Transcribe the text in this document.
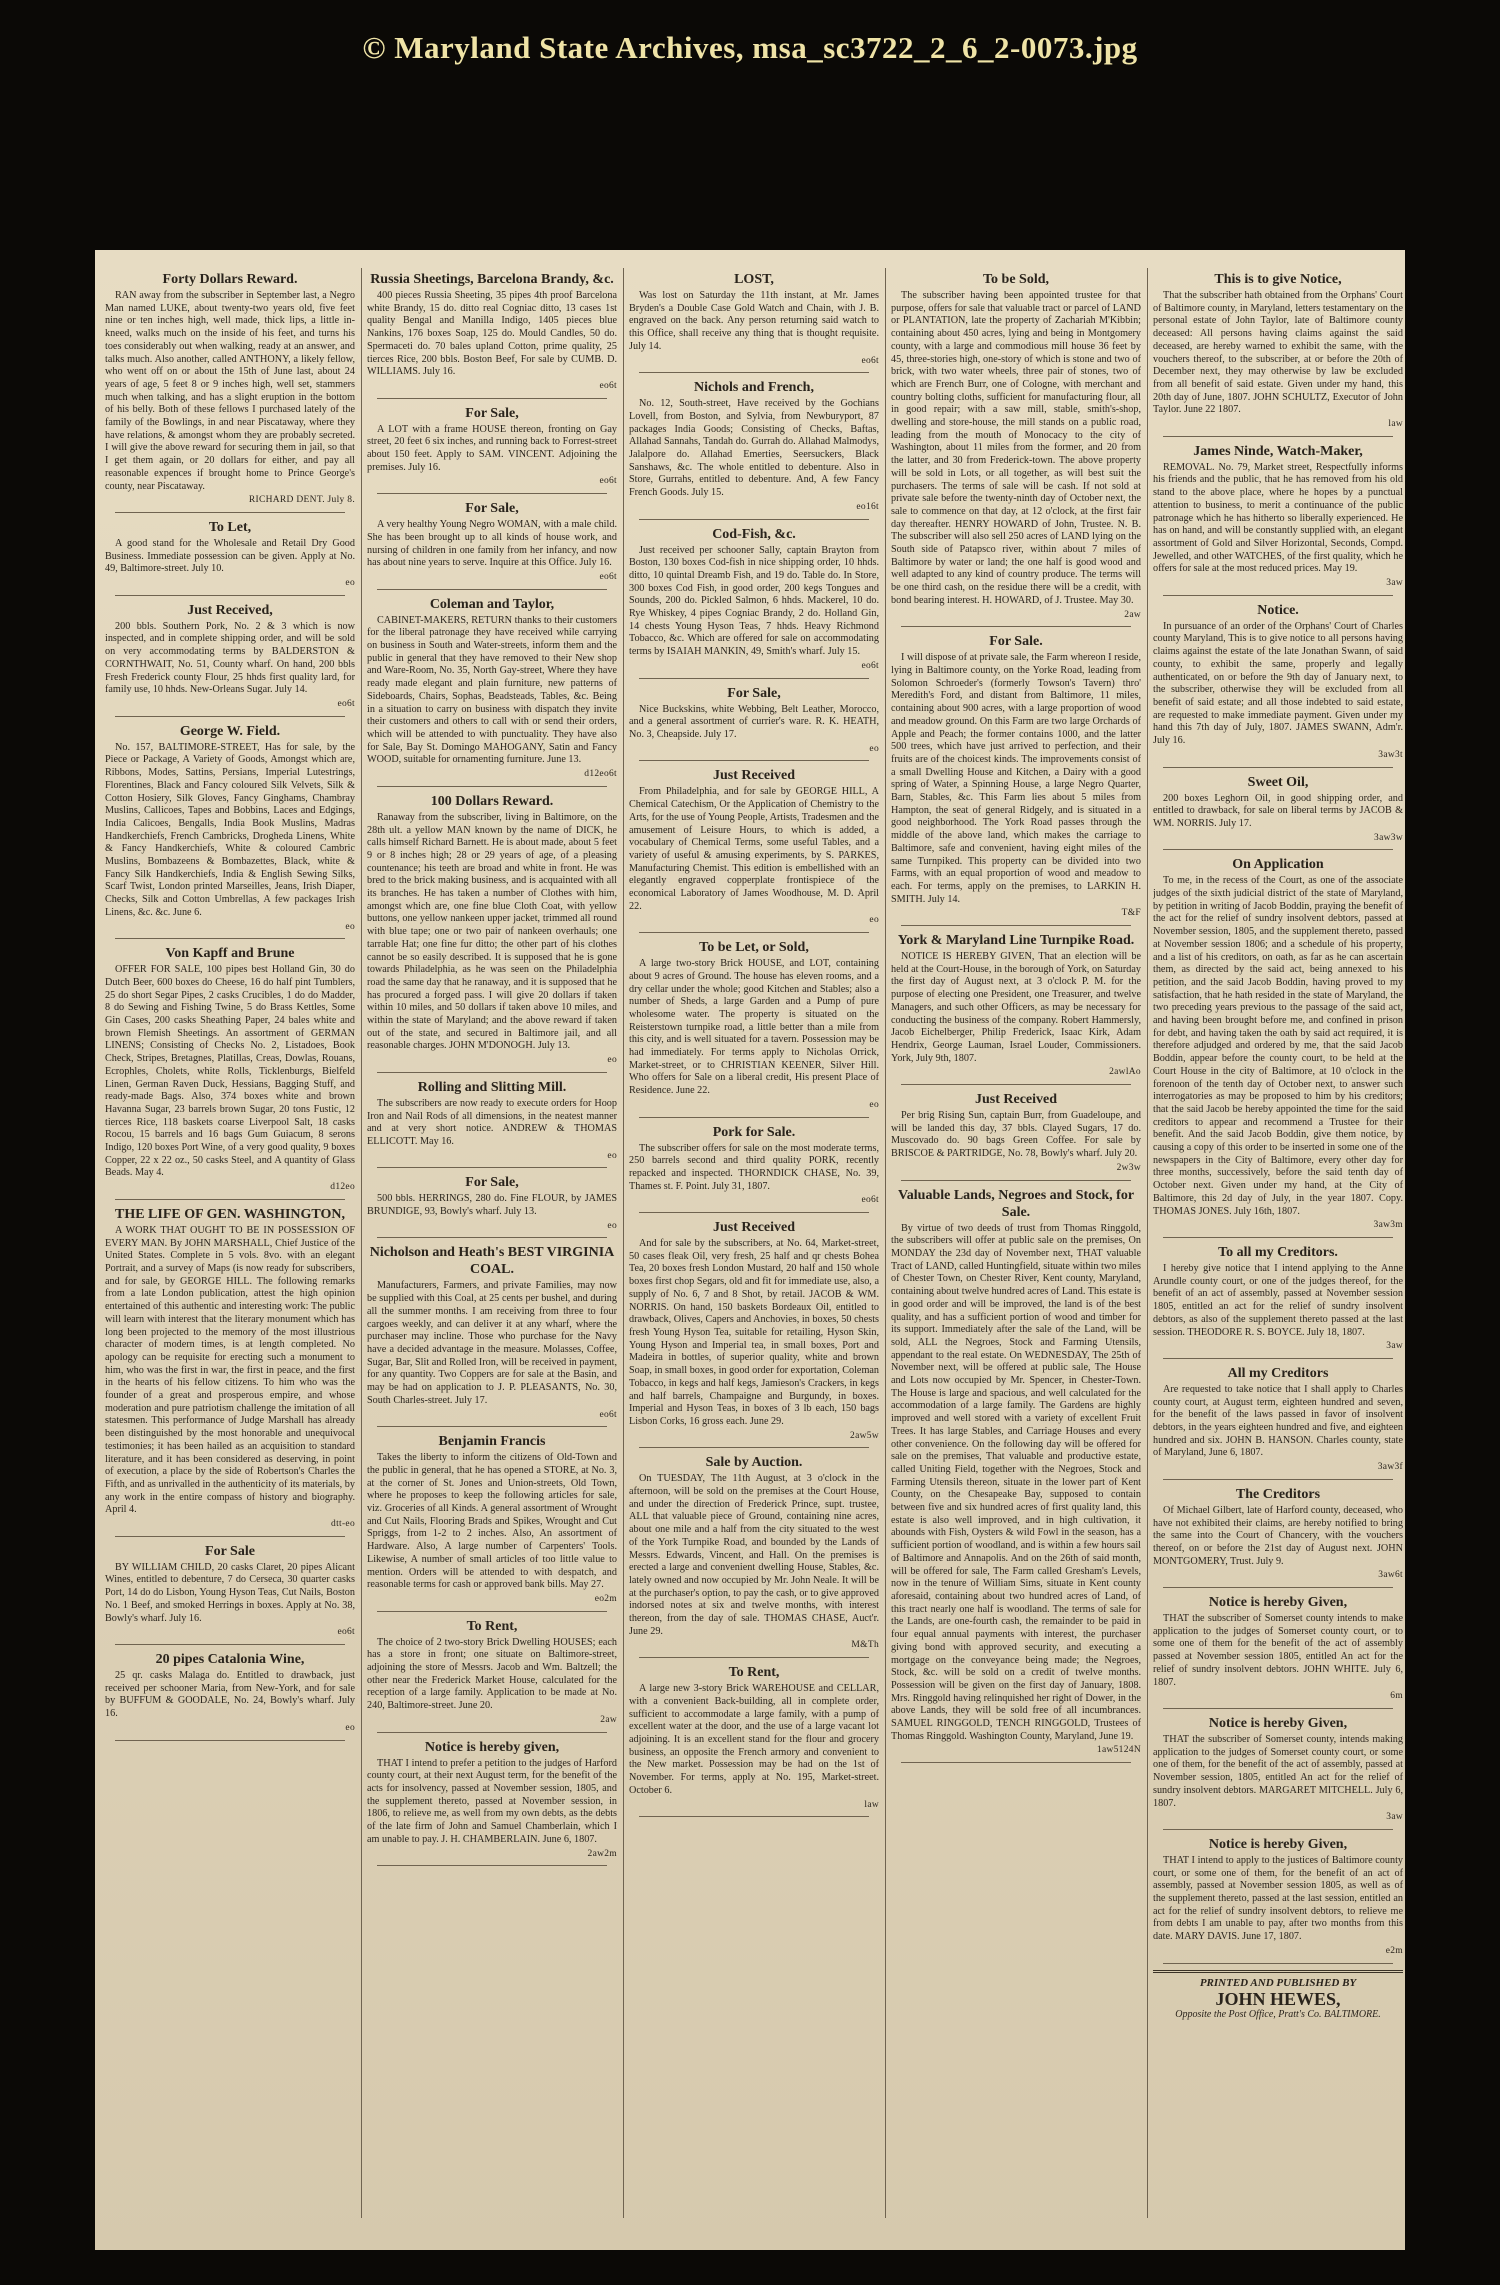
© Maryland State Archives, msa_sc3722_2_6_2-0073.jpg
Forty Dollars Reward.

RAN away from the subscriber in September last, a Negro Man named LUKE, about twenty-two years old, five feet nine or ten inches high, well made, thick lips, a little in-kneed, walks much on the inside of his feet, and turns his toes considerably out when walking, ready at an answer, and talks much. Also another, called ANTHONY, a likely fellow, who went off on or about the 15th of June last, about 24 years of age, 5 feet 8 or 9 inches high, well set, stammers much when talking, and has a slight eruption in the bottom of his belly. Both of these fellows I purchased lately of the family of the Bowlings, in and near Piscataway, where they have relations, & amongst whom they are probably secreted. I will give the above reward for securing them in jail, so that I get them again, or 20 dollars for either, and pay all reasonable expences if brought home to Prince George's county, near Piscataway.

RICHARD DENT. July 8.
To Let,

A good stand for the Wholesale and Retail Dry Good Business. Immediate possession can be given. Apply at No. 49, Baltimore-street. July 10.

eo
Just Received,

200 bbls. Southern Pork, No. 2 & 3 which is now inspected, and in complete shipping order, and will be sold on very accommodating terms by BALDERSTON & CORNTHWAIT, No. 51, County wharf. On hand, 200 bbls Fresh Frederick county Flour, 25 hhds first quality lard, for family use, 10 hhds. New-Orleans Sugar. July 14.

eo6t
George W. Field.

No. 157, BALTIMORE-STREET, Has for sale, by the Piece or Package, A Variety of Goods, Amongst which are, Ribbons, Modes, Sattins, Persians, Imperial Lutestrings, Florentines, Black and Fancy coloured Silk Velvets, Silk & Cotton Hosiery, Silk Gloves, Fancy Ginghams, Chambray Muslins, Callicoes, Tapes and Bobbins, Laces and Edgings, India Calicoes, Bengalls, India Book Muslins, Madras Handkerchiefs, French Cambricks, Drogheda Linens, White & Fancy Handkerchiefs, White & coloured Cambric Muslins, Bombazeens & Bombazettes, Black, white & Fancy Silk Handkerchiefs, India & English Sewing Silks, Scarf Twist, London printed Marseilles, Jeans, Irish Diaper, Checks, Silk and Cotton Umbrellas, A few packages Irish Linens, &c. &c. June 6.

eo
Von Kapff and Brune

OFFER FOR SALE, 100 pipes best Holland Gin, 30 do Dutch Beer, 600 boxes do Cheese, 16 do half pint Tumblers, 25 do short Segar Pipes, 2 casks Crucibles, 1 do do Madder, 8 do Sewing and Fishing Twine, 5 do Brass Kettles, Some Gin Cases, 200 casks Sheathing Paper, 24 bales white and brown Flemish Sheetings. An assortment of GERMAN LINENS; Consisting of Checks No. 2, Listadoes, Book Check, Stripes, Bretagnes, Platillas, Creas, Dowlas, Rouans, Ecrophles, Cholets, white Rolls, Ticklenburgs, Bielfeld Linen, German Raven Duck, Hessians, Bagging Stuff, and ready-made Bags. Also, 374 boxes white and brown Havanna Sugar, 23 barrels brown Sugar, 20 tons Fustic, 12 tierces Rice, 118 baskets coarse Liverpool Salt, 18 casks Rocou, 15 barrels and 16 bags Gum Guiacum, 8 serons Indigo, 120 boxes Port Wine, of a very good quality, 9 boxes Copper, 22 x 22 oz., 50 casks Steel, and A quantity of Glass Beads. May 4.

d12eo
THE LIFE OF GEN. WASHINGTON,

A WORK THAT OUGHT TO BE IN POSSESSION OF EVERY MAN. By JOHN MARSHALL, Chief Justice of the United States. Complete in 5 vols. 8vo. with an elegant Portrait, and a survey of Maps (is now ready for subscribers, and for sale, by GEORGE HILL. The following remarks from a late London publication, attest the high opinion entertained of this authentic and interesting work: The public will learn with interest that the literary monument which has long been projected to the memory of the most illustrious character of modern times, is at length completed. No apology can be requisite for erecting such a monument to him, who was the first in war, the first in peace, and the first in the hearts of his fellow citizens. To him who was the founder of a great and prosperous empire, and whose moderation and pure patriotism challenge the imitation of all statesmen. This performance of Judge Marshall has already been distinguished by the most honorable and unequivocal testimonies; it has been hailed as an acquisition to standard literature, and it has been considered as deserving, in point of execution, a place by the side of Robertson's Charles the Fifth, and as unrivalled in the authenticity of its materials, by any work in the entire compass of history and biography. April 4.

dtt-eo
For Sale

BY WILLIAM CHILD, 20 casks Claret, 20 pipes Alicant Wines, entitled to debenture, 7 do Cerseca, 30 quarter casks Port, 14 do do Lisbon, Young Hyson Teas, Cut Nails, Boston No. 1 Beef, and smoked Herrings in boxes. Apply at No. 38, Bowly's wharf. July 16.

eo6t
20 pipes Catalonia Wine,

25 qr. casks Malaga do. Entitled to drawback, just received per schooner Maria, from New-York, and for sale by BUFFUM & GOODALE, No. 24, Bowly's wharf. July 16.

eo
Russia Sheetings, Barcelona Brandy, &c.

400 pieces Russia Sheeting, 35 pipes 4th proof Barcelona white Brandy, 15 do. ditto real Cogniac ditto, 13 cases 1st quality Bengal and Manilla Indigo, 1405 pieces blue Nankins, 176 boxes Soap, 125 do. Mould Candles, 50 do. Spermaceti do. 70 bales upland Cotton, prime quality, 25 tierces Rice, 200 bbls. Boston Beef, For sale by CUMB. D. WILLIAMS. July 16.

eo6t
For Sale,

A LOT with a frame HOUSE thereon, fronting on Gay street, 20 feet 6 six inches, and running back to Forrest-street about 150 feet. Apply to SAM. VINCENT. Adjoining the premises. July 16.

eo6t
For Sale,

A very healthy Young Negro WOMAN, with a male child. She has been brought up to all kinds of house work, and nursing of children in one family from her infancy, and now has about nine years to serve. Inquire at this Office. July 16.

eo6t
Coleman and Taylor,

CABINET-MAKERS, RETURN thanks to their customers for the liberal patronage they have received while carrying on business in South and Water-streets, inform them and the public in general that they have removed to their New shop and Ware-Room, No. 35, North Gay-street, Where they have ready made elegant and plain furniture, new patterns of Sideboards, Chairs, Sophas, Beadsteads, Tables, &c. Being in a situation to carry on business with dispatch they invite their customers and others to call with or send their orders, which will be attended to with punctuality. They have also for Sale, Bay St. Domingo MAHOGANY, Satin and Fancy WOOD, suitable for ornamenting furniture. June 13.

d12eo6t
100 Dollars Reward.

Ranaway from the subscriber, living in Baltimore, on the 28th ult. a yellow MAN known by the name of DICK, he calls himself Richard Barnett. He is about made, about 5 feet 9 or 8 inches high; 28 or 29 years of age, of a pleasing countenance; his teeth are broad and white in front. He was bred to the brick making business, and is acquainted with all its branches. He has taken a number of Clothes with him, amongst which are, one fine blue Cloth Coat, with yellow buttons, one yellow nankeen upper jacket, trimmed all round with blue tape; one or two pair of nankeen overhauls; one tarrable Hat; one fine fur ditto; the other part of his clothes cannot be so easily described. It is supposed that he is gone towards Philadelphia, as he was seen on the Philadelphia road the same day that he ranaway, and it is supposed that he has procured a forged pass. I will give 20 dollars if taken within 10 miles, and 50 dollars if taken above 10 miles, and within the state of Maryland; and the above reward if taken out of the state, and secured in Baltimore jail, and all reasonable charges. JOHN M'DONOGH. July 13.

eo
Rolling and Slitting Mill.

The subscribers are now ready to execute orders for Hoop Iron and Nail Rods of all dimensions, in the neatest manner and at very short notice. ANDREW & THOMAS ELLICOTT. May 16.

eo
For Sale,

500 bbls. HERRINGS, 280 do. Fine FLOUR, by JAMES BRUNDIGE, 93, Bowly's wharf. July 13.

eo
Nicholson and Heath's BEST VIRGINIA COAL.

Manufacturers, Farmers, and private Families, may now be supplied with this Coal, at 25 cents per bushel, and during all the summer months. I am receiving from three to four cargoes weekly, and can deliver it at any wharf, where the purchaser may incline. Those who purchase for the Navy have a decided advantage in the measure. Molasses, Coffee, Sugar, Bar, Slit and Rolled Iron, will be received in payment, for any quantity. Two Coppers are for sale at the Basin, and may be had on application to J. P. PLEASANTS, No. 30, South Charles-street. July 17.

eo6t
Benjamin Francis

Takes the liberty to inform the citizens of Old-Town and the public in general, that he has opened a STORE, at No. 3, at the corner of St. Jones and Union-streets, Old Town, where he proposes to keep the following articles for sale, viz. Groceries of all Kinds. A general assortment of Wrought and Cut Nails, Flooring Brads and Spikes, Wrought and Cut Spriggs, from 1-2 to 2 inches. Also, An assortment of Hardware. Also, A large number of Carpenters' Tools. Likewise, A number of small articles of too little value to mention. Orders will be attended to with despatch, and reasonable terms for cash or approved bank bills. May 27.

eo2m
To Rent,

The choice of 2 two-story Brick Dwelling HOUSES; each has a store in front; one situate on Baltimore-street, adjoining the store of Messrs. Jacob and Wm. Baltzell; the other near the Frederick Market House, calculated for the reception of a large family. Application to be made at No. 240, Baltimore-street. June 20.

2aw
Notice is hereby given,

THAT I intend to prefer a petition to the judges of Harford county court, at their next August term, for the benefit of the acts for insolvency, passed at November session, 1805, and the supplement thereto, passed at November session, in 1806, to relieve me, as well from my own debts, as the debts of the late firm of John and Samuel Chamberlain, which I am unable to pay. J. H. CHAMBERLAIN. June 6, 1807.

2aw2m
LOST,

Was lost on Saturday the 11th instant, at Mr. James Bryden's a Double Case Gold Watch and Chain, with J. B. engraved on the back. Any person returning said watch to this Office, shall receive any thing that is thought requisite. July 14.

eo6t
Nichols and French,

No. 12, South-street, Have received by the Gochians Lovell, from Boston, and Sylvia, from Newburyport, 87 packages India Goods; Consisting of Checks, Baftas, Allahad Sannahs, Tandah do. Gurrah do. Allahad Malmodys, Jalalpore do. Allahad Emerties, Seersuckers, Black Sanshaws, &c. The whole entitled to debenture. Also in Store, Gurrahs, entitled to debenture. And, A few Fancy French Goods. July 15.

eo16t
Cod-Fish, &c.

Just received per schooner Sally, captain Brayton from Boston, 130 boxes Cod-fish in nice shipping order, 10 hhds. ditto, 10 quintal Dreamb Fish, and 19 do. Table do. In Store, 300 boxes Cod Fish, in good order, 200 kegs Tongues and Sounds, 200 do. Pickled Salmon, 6 hhds. Mackerel, 10 do. Rye Whiskey, 4 pipes Cogniac Brandy, 2 do. Holland Gin, 14 chests Young Hyson Teas, 7 hhds. Heavy Richmond Tobacco, &c. Which are offered for sale on accommodating terms by ISAIAH MANKIN, 49, Smith's wharf. July 15.

eo6t
For Sale,

Nice Buckskins, white Webbing, Belt Leather, Morocco, and a general assortment of currier's ware. R. K. HEATH, No. 3, Cheapside. July 17.

eo
Just Received

From Philadelphia, and for sale by GEORGE HILL, A Chemical Catechism, Or the Application of Chemistry to the Arts, for the use of Young People, Artists, Tradesmen and the amusement of Leisure Hours, to which is added, a vocabulary of Chemical Terms, some useful Tables, and a variety of useful & amusing experiments, by S. PARKES, Manufacturing Chemist. This edition is embellished with an elegantly engraved copperplate frontispiece of the economical Laboratory of James Woodhouse, M. D. April 22.

eo
To be Let, or Sold,

A large two-story Brick HOUSE, and LOT, containing about 9 acres of Ground. The house has eleven rooms, and a dry cellar under the whole; good Kitchen and Stables; also a number of Sheds, a large Garden and a Pump of pure wholesome water. The property is situated on the Reisterstown turnpike road, a little better than a mile from this city, and is well situated for a tavern. Possession may be had immediately. For terms apply to Nicholas Orrick, Market-street, or to CHRISTIAN KEENER, Silver Hill. Who offers for Sale on a liberal credit, His present Place of Residence. June 22.

eo
Pork for Sale.

The subscriber offers for sale on the most moderate terms, 250 barrels second and third quality PORK, recently repacked and inspected. THORNDICK CHASE, No. 39, Thames st. F. Point. July 31, 1807.

eo6t
Just Received

And for sale by the subscribers, at No. 64, Market-street, 50 cases fleak Oil, very fresh, 25 half and qr chests Bohea Tea, 20 boxes fresh London Mustard, 20 half and 150 whole boxes first chop Segars, old and fit for immediate use, also, a supply of No. 6, 7 and 8 Shot, by retail. JACOB & WM. NORRIS. On hand, 150 baskets Bordeaux Oil, entitled to drawback, Olives, Capers and Anchovies, in boxes, 50 chests fresh Young Hyson Tea, suitable for retailing, Hyson Skin, Young Hyson and Imperial tea, in small boxes, Port and Madeira in bottles, of superior quality, white and brown Soap, in small boxes, in good order for exportation, Coleman Tobacco, in kegs and half kegs, Jamieson's Crackers, in kegs and half barrels, Champaigne and Burgundy, in boxes. Imperial and Hyson Teas, in boxes of 3 lb each, 150 bags Lisbon Corks, 16 gross each. June 29.

2aw5w
Sale by Auction.

On TUESDAY, The 11th August, at 3 o'clock in the afternoon, will be sold on the premises at the Court House, and under the direction of Frederick Prince, supt. trustee, ALL that valuable piece of Ground, containing nine acres, about one mile and a half from the city situated to the west of the York Turnpike Road, and bounded by the Lands of Messrs. Edwards, Vincent, and Hall. On the premises is erected a large and convenient dwelling House, Stables, &c. lately owned and now occupied by Mr. John Neale. It will be at the purchaser's option, to pay the cash, or to give approved indorsed notes at six and twelve months, with interest thereon, from the day of sale. THOMAS CHASE, Auct'r. June 29.

M&Th
To Rent,

A large new 3-story Brick WAREHOUSE and CELLAR, with a convenient Back-building, all in complete order, sufficient to accommodate a large family, with a pump of excellent water at the door, and the use of a large vacant lot adjoining. It is an excellent stand for the flour and grocery business, an opposite the French armory and convenient to the New market. Possession may be had on the 1st of November. For terms, apply at No. 195, Market-street. October 6.

law
To be Sold,

The subscriber having been appointed trustee for that purpose, offers for sale that valuable tract or parcel of LAND or PLANTATION, late the property of Zachariah M'Kibbin; containing about 450 acres, lying and being in Montgomery county, with a large and commodious mill house 36 feet by 45, three-stories high, one-story of which is stone and two of brick, with two water wheels, three pair of stones, two of which are French Burr, one of Cologne, with merchant and country bolting cloths, sufficient for manufacturing flour, all in good repair; with a saw mill, stable, smith's-shop, dwelling and store-house, the mill stands on a public road, leading from the mouth of Monocacy to the city of Washington, about 11 miles from the former, and 20 from the latter, and 30 from Frederick-town. The above property will be sold in Lots, or all together, as will best suit the purchasers. The terms of sale will be cash. If not sold at private sale before the twenty-ninth day of October next, the sale to commence on that day, at 12 o'clock, at the first fair day thereafter. HENRY HOWARD of John, Trustee. N. B. The subscriber will also sell 250 acres of LAND lying on the South side of Patapsco river, within about 7 miles of Baltimore by water or land; the one half is good wood and well adapted to any kind of country produce. The terms will be one third cash, on the residue there will be a credit, with bond bearing interest. H. HOWARD, of J. Trustee. May 30.

2aw
For Sale.

I will dispose of at private sale, the Farm whereon I reside, lying in Baltimore county, on the Yorke Road, leading from Solomon Schroeder's (formerly Towson's Tavern) thro' Meredith's Ford, and distant from Baltimore, 11 miles, containing about 900 acres, with a large proportion of wood and meadow ground. On this Farm are two large Orchards of Apple and Peach; the former contains 1000, and the latter 500 trees, which have just arrived to perfection, and their fruits are of the choicest kinds. The improvements consist of a small Dwelling House and Kitchen, a Dairy with a good spring of Water, a Spinning House, a large Negro Quarter, Barn, Stables, &c. This Farm lies about 5 miles from Hampton, the seat of general Ridgely, and is situated in a good neighborhood. The York Road passes through the middle of the above land, which makes the carriage to Baltimore, safe and convenient, having eight miles of the same Turnpiked. This property can be divided into two Farms, with an equal proportion of wood and meadow to each. For terms, apply on the premises, to LARKIN H. SMITH. July 14.

T&F
York & Maryland Line Turnpike Road.

NOTICE IS HEREBY GIVEN, That an election will be held at the Court-House, in the borough of York, on Saturday the first day of August next, at 3 o'clock P. M. for the purpose of electing one President, one Treasurer, and twelve Managers, and such other Officers, as may be necessary for conducting the business of the company. Robert Hammersly, Jacob Eichelberger, Philip Frederick, Isaac Kirk, Adam Hendrix, George Lauman, Israel Louder, Commissioners. York, July 9th, 1807.

2awlAo
Just Received

Per brig Rising Sun, captain Burr, from Guadeloupe, and will be landed this day, 37 bbls. Clayed Sugars, 17 do. Muscovado do. 90 bags Green Coffee. For sale by BRISCOE & PARTRIDGE, No. 78, Bowly's wharf. July 20.

2w3w
Valuable Lands, Negroes and Stock, for Sale.

By virtue of two deeds of trust from Thomas Ringgold, the subscribers will offer at public sale on the premises, On MONDAY the 23d day of November next, THAT valuable Tract of LAND, called Huntingfield, situate within two miles of Chester Town, on Chester River, Kent county, Maryland, containing about twelve hundred acres of Land. This estate is in good order and will be improved, the land is of the best quality, and has a sufficient portion of wood and timber for its support. Immediately after the sale of the Land, will be sold, ALL the Negroes, Stock and Farming Utensils, appendant to the real estate. On WEDNESDAY, The 25th of November next, will be offered at public sale, The House and Lots now occupied by Mr. Spencer, in Chester-Town. The House is large and spacious, and well calculated for the accommodation of a large family. The Gardens are highly improved and well stored with a variety of excellent Fruit Trees. It has large Stables, and Carriage Houses and every other convenience. On the following day will be offered for sale on the premises, That valuable and productive estate, called Uniting Field, together with the Negroes, Stock and Farming Utensils thereon, situate in the lower part of Kent County, on the Chesapeake Bay, supposed to contain between five and six hundred acres of first quality land, this estate is also well improved, and in high cultivation, it abounds with Fish, Oysters & wild Fowl in the season, has a sufficient portion of woodland, and is within a few hours sail of Baltimore and Annapolis. And on the 26th of said month, will be offered for sale, The Farm called Gresham's Levels, now in the tenure of William Sims, situate in Kent county aforesaid, containing about two hundred acres of Land, of this tract nearly one half is woodland. The terms of sale for the Lands, are one-fourth cash, the remainder to be paid in four equal annual payments with interest, the purchaser giving bond with approved security, and executing a mortgage on the conveyance being made; the Negroes, Stock, &c. will be sold on a credit of twelve months. Possession will be given on the first day of January, 1808. Mrs. Ringgold having relinquished her right of Dower, in the above Lands, they will be sold free of all incumbrances. SAMUEL RINGGOLD, TENCH RINGGOLD, Trustees of Thomas Ringgold. Washington County, Maryland, June 19.

1aw5124N
This is to give Notice,

That the subscriber hath obtained from the Orphans' Court of Baltimore county, in Maryland, letters testamentary on the personal estate of John Taylor, late of Baltimore county deceased: All persons having claims against the said deceased, are hereby warned to exhibit the same, with the vouchers thereof, to the subscriber, at or before the 20th of December next, they may otherwise by law be excluded from all benefit of said estate. Given under my hand, this 20th day of June, 1807. JOHN SCHULTZ, Executor of John Taylor. June 22 1807.

law
James Ninde, Watch-Maker,

REMOVAL. No. 79, Market street, Respectfully informs his friends and the public, that he has removed from his old stand to the above place, where he hopes by a punctual attention to business, to merit a continuance of the public patronage which he has hitherto so liberally experienced. He has on hand, and will be constantly supplied with, an elegant assortment of Gold and Silver Horizontal, Seconds, Compd. Jewelled, and other WATCHES, of the first quality, which he offers for sale at the most reduced prices. May 19.

3aw
Notice.

In pursuance of an order of the Orphans' Court of Charles county Maryland, This is to give notice to all persons having claims against the estate of the late Jonathan Swann, of said county, to exhibit the same, properly and legally authenticated, on or before the 9th day of January next, to the subscriber, otherwise they will be excluded from all benefit of said estate; and all those indebted to said estate, are requested to make immediate payment. Given under my hand this 7th day of July, 1807. JAMES SWANN, Adm'r. July 16.

3aw3t
Sweet Oil,

200 boxes Leghorn Oil, in good shipping order, and entitled to drawback, for sale on liberal terms by JACOB & WM. NORRIS. July 17.

3aw3w
On Application

To me, in the recess of the Court, as one of the associate judges of the sixth judicial district of the state of Maryland, by petition in writing of Jacob Boddin, praying the benefit of the act for the relief of sundry insolvent debtors, passed at November session, 1805, and the supplement thereto, passed at November session 1806; and a schedule of his property, and a list of his creditors, on oath, as far as he can ascertain them, as directed by the said act, being annexed to his petition, and the said Jacob Boddin, having proved to my satisfaction, that he hath resided in the state of Maryland, the two preceding years previous to the passage of the said act, and having been brought before me, and confined in prison for debt, and having taken the oath by said act required, it is therefore adjudged and ordered by me, that the said Jacob Boddin, appear before the county court, to be held at the Court House in the city of Baltimore, at 10 o'clock in the forenoon of the tenth day of October next, to answer such interrogatories as may be proposed to him by his creditors; that the said Jacob be hereby appointed the time for the said creditors to appear and recommend a Trustee for their benefit. And the said Jacob Boddin, give them notice, by causing a copy of this order to be inserted in some one of the newspapers in the City of Baltimore, every other day for three months, successively, before the said tenth day of October next. Given under my hand, at the City of Baltimore, this 2d day of July, in the year 1807. Copy. THOMAS JONES. July 16th, 1807.

3aw3m
To all my Creditors.

I hereby give notice that I intend applying to the Anne Arundle county court, or one of the judges thereof, for the benefit of an act of assembly, passed at November session 1805, entitled an act for the relief of sundry insolvent debtors, as also of the supplement thereto passed at the last session. THEODORE R. S. BOYCE. July 18, 1807.

3aw
All my Creditors

Are requested to take notice that I shall apply to Charles county court, at August term, eighteen hundred and seven, for the benefit of the laws passed in favor of insolvent debtors, in the years eighteen hundred and five, and eighteen hundred and six. JOHN B. HANSON. Charles county, state of Maryland, June 6, 1807.

3aw3f
The Creditors

Of Michael Gilbert, late of Harford county, deceased, who have not exhibited their claims, are hereby notified to bring the same into the Court of Chancery, with the vouchers thereof, on or before the 21st day of August next. JOHN MONTGOMERY, Trust. July 9.

3aw6t
Notice is hereby Given,

THAT the subscriber of Somerset county intends to make application to the judges of Somerset county court, or to some one of them for the benefit of the act of assembly passed at November session 1805, entitled An act for the relief of sundry insolvent debtors. JOHN WHITE. July 6, 1807.

6m
Notice is hereby Given,

THAT the subscriber of Somerset county, intends making application to the judges of Somerset county court, or some one of them, for the benefit of the act of assembly, passed at November session, 1805, entitled An act for the relief of sundry insolvent debtors. MARGARET MITCHELL. July 6, 1807.

3aw
Notice is hereby Given,

THAT I intend to apply to the justices of Baltimore county court, or some one of them, for the benefit of an act of assembly, passed at November session 1805, as well as of the supplement thereto, passed at the last session, entitled an act for the relief of sundry insolvent debtors, to relieve me from debts I am unable to pay, after two months from this date. MARY DAVIS. June 17, 1807.

e2m
PRINTED AND PUBLISHED BY
JOHN HEWES,
Opposite the Post Office, Pratt's Co. BALTIMORE.
